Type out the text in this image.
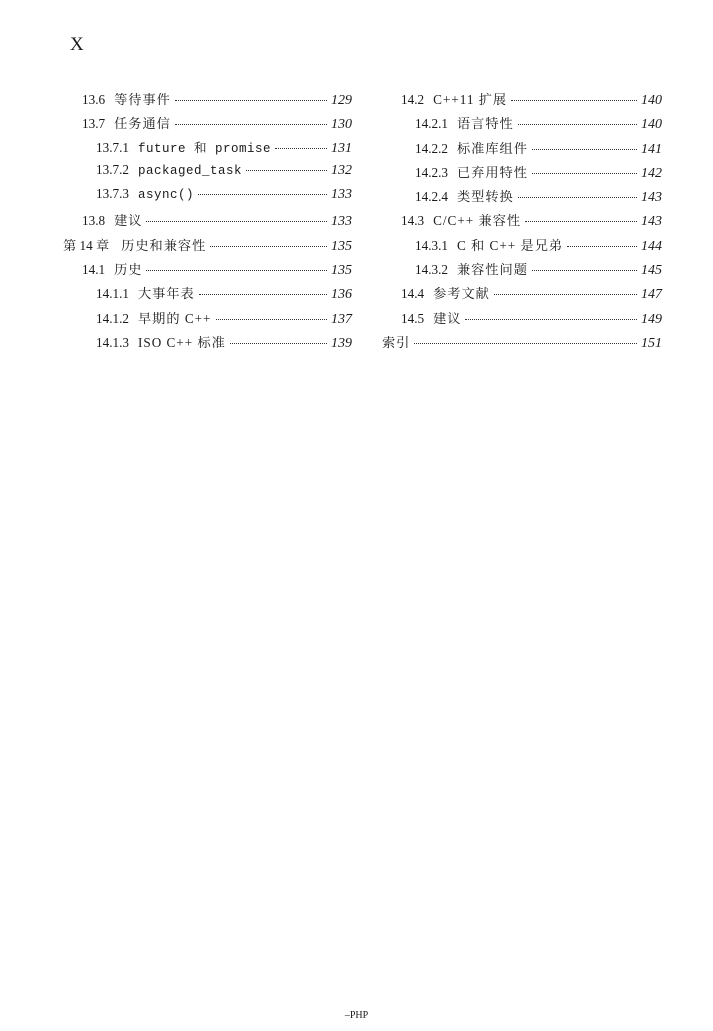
X
13.6 等待事件	129
13.7 任务通信	130
13.7.1 future 和 promise	131
13.7.2 packaged_task	132
13.7.3 async()	133
13.8 建议	133
第 14 章 历史和兼容性	135
14.1 历史	135
14.1.1 大事年表	136
14.1.2 早期的 C++	137
14.1.3 ISO C++ 标准	139
14.2 C++11 扩展	140
14.2.1 语言特性	140
14.2.2 标准库组件	141
14.2.3 已弃用特性	142
14.2.4 类型转换	143
14.3 C/C++ 兼容性	143
14.3.1 C 和 C++ 是兄弟	144
14.3.2 兼容性问题	145
14.4 参考文献	147
14.5 建议	149
索引	151
–PHP
